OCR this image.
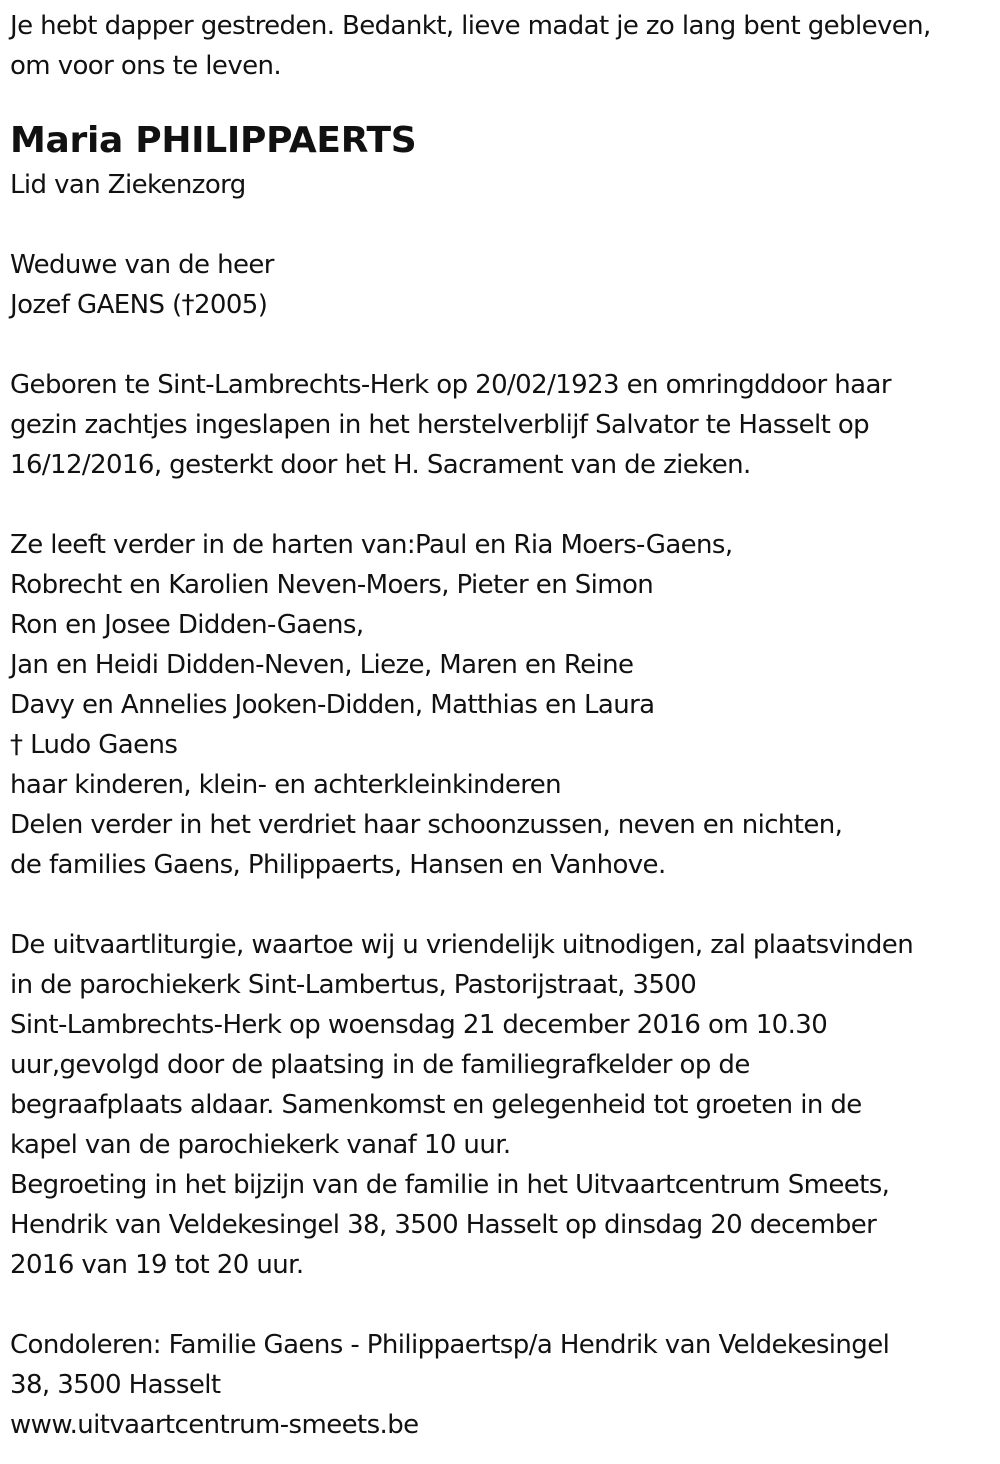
Je hebt dapper gestreden. Bedankt, lieve madat je zo lang bent gebleven,
om voor ons te leven.
Maria PHILIPPAERTS
Lid van Ziekenzorg
Weduwe van de heer
Jozef GAENS (†2005)
Geboren te Sint-Lambrechts-Herk op 20/02/1923 en omringddoor haar
gezin zachtjes ingeslapen in het herstelverblijf Salvator te Hasselt op
16/12/2016, gesterkt door het H. Sacrament van de zieken.
Ze leeft verder in de harten van:Paul en Ria Moers-Gaens,
Robrecht en Karolien Neven-Moers, Pieter en Simon
Ron en Josee Didden-Gaens,
Jan en Heidi Didden-Neven, Lieze, Maren en Reine
Davy en Annelies Jooken-Didden, Matthias en Laura
† Ludo Gaens
haar kinderen, klein- en achterkleinkinderen
Delen verder in het verdriet haar schoonzussen, neven en nichten,
de families Gaens, Philippaerts, Hansen en Vanhove.
De uitvaartliturgie, waartoe wij u vriendelijk uitnodigen, zal plaatsvinden
in de parochiekerk Sint-Lambertus, Pastorijstraat, 3500
Sint-Lambrechts-Herk op woensdag 21 december 2016 om 10.30
uur,gevolgd door de plaatsing in de familiegrafkelder op de
begraafplaats aldaar. Samenkomst en gelegenheid tot groeten in de
kapel van de parochiekerk vanaf 10 uur.
Begroeting in het bijzijn van de familie in het Uitvaartcentrum Smeets,
Hendrik van Veldekesingel 38, 3500 Hasselt op dinsdag 20 december
2016 van 19 tot 20 uur.
Condoleren: Familie Gaens - Philippaertsp/a Hendrik van Veldekesingel
38, 3500 Hasselt
www.uitvaartcentrum-smeets.be
